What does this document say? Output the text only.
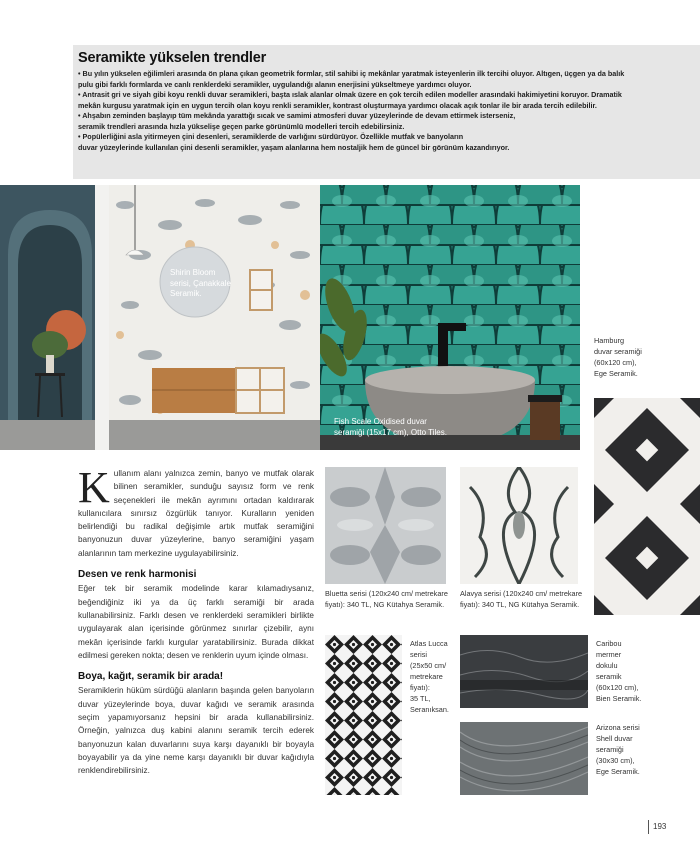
Seramikte yükselen trendler
• Bu yılın yükselen eğilimleri arasında ön plana çıkan geometrik formlar, stil sahibi iç mekânlar yaratmak isteyenlerin ilk tercihi oluyor. Altıgen, üçgen ya da balık
pulu gibi farklı formlarda ve canlı renklerdeki seramikler, uygulandığı alanın enerjisini yükseltmeye yardımcı oluyor.
• Antrasit gri ve siyah gibi koyu renkli duvar seramikleri, başta ıslak alanlar olmak üzere en çok tercih edilen modeller arasındaki hakimiyetini koruyor. Dramatik
mekân kurgusu yaratmak için en uygun tercih olan koyu renkli seramikler, kontrast oluşturmaya yardımcı olacak açık tonlar ile bir arada tercih edilebilir.
• Ahşabın zeminden başlayıp tüm mekânda yarattığı sıcak ve samimi atmosferi duvar yüzeylerinde de devam ettirmek isterseniz,
seramik trendleri arasında hızla yükselişe geçen parke görünümlü modelleri tercih edebilirsiniz.
• Popülerliğini asla yitirmeyen çini desenleri, seramiklerde de varlığını sürdürüyor. Özellikle mutfak ve banyoların
duvar yüzeylerinde kullanılan çini desenli seramikler, yaşam alanlarına hem nostaljik hem de güncel bir görünüm kazandırıyor.
Shirin Bloom
serisi, Çanakkale
Seramik.
Fish Scale Oxidised duvar
seramiği (15x17 cm), Otto Tiles.
Hamburg
duvar seramiği
(60x120 cm),
Ege Seramik.

Kullanım alanı yalnızca zemin, banyo ve mutfak olarak bilinen seramikler, sunduğu sayısız form ve renk seçenekleri ile mekân ayrımını ortadan kaldırarak kullanıcılara sınırsız özgürlük tanıyor. Kuralların yeniden belirlendiği bu radikal değişimle artık mutfak seramiğini banyonuzun duvar yüzeylerine, banyo seramiğini yaşam alanlarının tam merkezine uygulayabilirsiniz.

Desen ve renk harmonisi

Eğer tek bir seramik modelinde karar kılamadıysanız, beğendiğiniz iki ya da üç farklı seramiği bir arada kullanabilirsiniz. Farklı desen ve renklerdeki seramikleri birlikte uygulayarak alan içerisinde görünmez sınırlar çizebilir, aynı mekân içerisinde farklı kurgular yaratabilirsiniz. Burada dikkat edilmesi gereken nokta; desen ve renklerin uyum içinde olması.

Boya, kağıt, seramik bir arada!

Seramiklerin hüküm sürdüğü alanların başında gelen banyoların duvar yüzeylerinde boya, duvar kağıdı ve seramik arasında seçim yapamıyorsanız hepsini bir arada kullanabilirsiniz. Örneğin, yalnızca duş kabini alanını seramik tercih ederek banyonuzun kalan duvarlarını suya karşı dayanıklı bir boyayla boyayabilir ya da yine neme karşı dayanıklı bir duvar kağıdıyla renklendirebilirsiniz.

Bluetta serisi (120x240 cm/ metrekare
fiyatı): 340 TL, NG Kütahya Seramik.
Alavya serisi (120x240 cm/ metrekare
fiyatı): 340 TL, NG Kütahya Seramik.
Atlas Lucca
serisi
(25x50 cm/
metrekare
fiyatı):
35 TL,
Seranıksan.
Caribou
mermer
dokulu
seramik
(60x120 cm),
Bien Seramik.
Arizona serisi
Shell duvar
seramiği
(30x30 cm),
Ege Seramik.
193
